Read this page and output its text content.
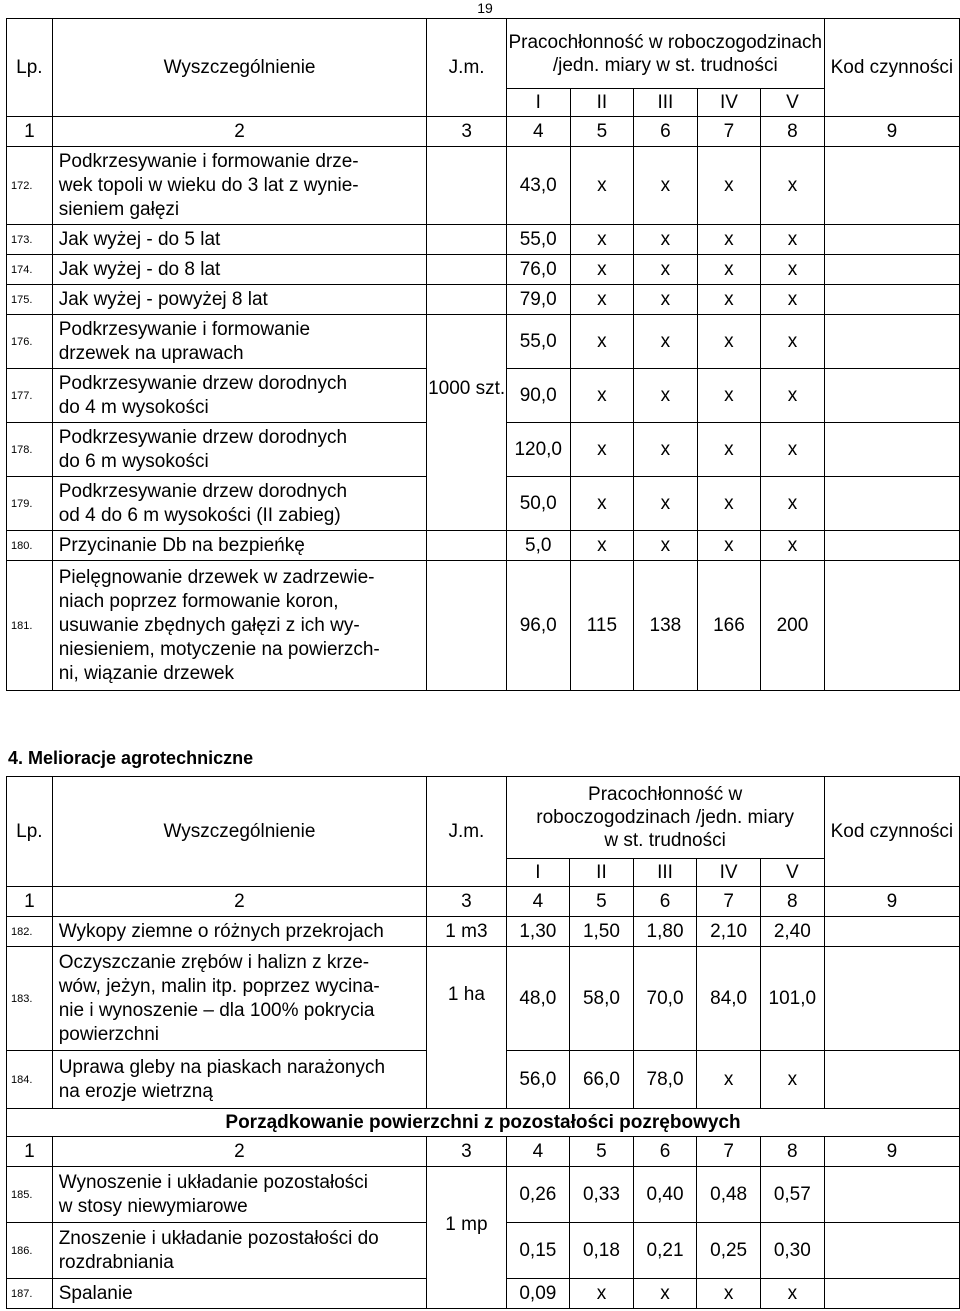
19
Lp.	Wyszczególnienie	J.m.	Pracochłonność w roboczogodzinach /jedn. miary w st. trudności					Kod czynności
			I	II	III	IV	V	
1	2	3	4	5	6	7	8	9
172.	Podkrzesywanie i formowanie drze-
wek topoli w wieku do 3 lat z wynie-
sieniem gałęzi		43,0	x	x	x	x	
173.	Jak wyżej - do 5 lat		55,0	x	x	x	x	
174.	Jak wyżej - do 8 lat		76,0	x	x	x	x	
175.	Jak wyżej - powyżej 8 lat		79,0	x	x	x	x	
176.	Podkrzesywanie i formowanie
drzewek na uprawach		55,0	x	x	x	x	
177.	Podkrzesywanie drzew dorodnych
do 4 m wysokości	1000 szt.	90,0	x	x	x	x	
178.	Podkrzesywanie drzew dorodnych
do 6 m wysokości		120,0	x	x	x	x	
179.	Podkrzesywanie drzew dorodnych
od 4 do 6 m wysokości (II zabieg)		50,0	x	x	x	x	
180.	Przycinanie Db na bezpieńkę		5,0	x	x	x	x	
181.	Pielęgnowanie drzewek w zadrzewie-
niach poprzez formowanie koron,
usuwanie zbędnych gałęzi z ich wy-
niesieniem, motyczenie na powierzch-
ni, wiązanie drzewek		96,0	115	138	166	200	
4. Melioracje agrotechniczne
Lp.	Wyszczególnienie	J.m.	Pracochłonność w roboczogodzinach /jedn. miary w st. trudności					Kod czynności
			I	II	III	IV	V	
1	2	3	4	5	6	7	8	9
182.	Wykopy ziemne o różnych przekrojach	1 m3	1,30	1,50	1,80	2,10	2,40	
183.	Oczyszczanie zrębów i halizn z krze-
wów, jeżyn, malin itp. poprzez wycina-
nie i wynoszenie – dla 100% pokrycia
powierzchni	1 ha	48,0	58,0	70,0	84,0	101,0	
184.	Uprawa gleby na piaskach narażonych
na erozje wietrzną		56,0	66,0	78,0	x	x	
Porządkowanie powierzchni z pozostałości pozrębowych								
1	2	3	4	5	6	7	8	9
185.	Wynoszenie i układanie pozostałości
w stosy niewymiarowe	1 mp	0,26	0,33	0,40	0,48	0,57	
186.	Znoszenie i układanie pozostałości do
rozdrabniania		0,15	0,18	0,21	0,25	0,30	
187.	Spalanie		0,09	x	x	x	x	
